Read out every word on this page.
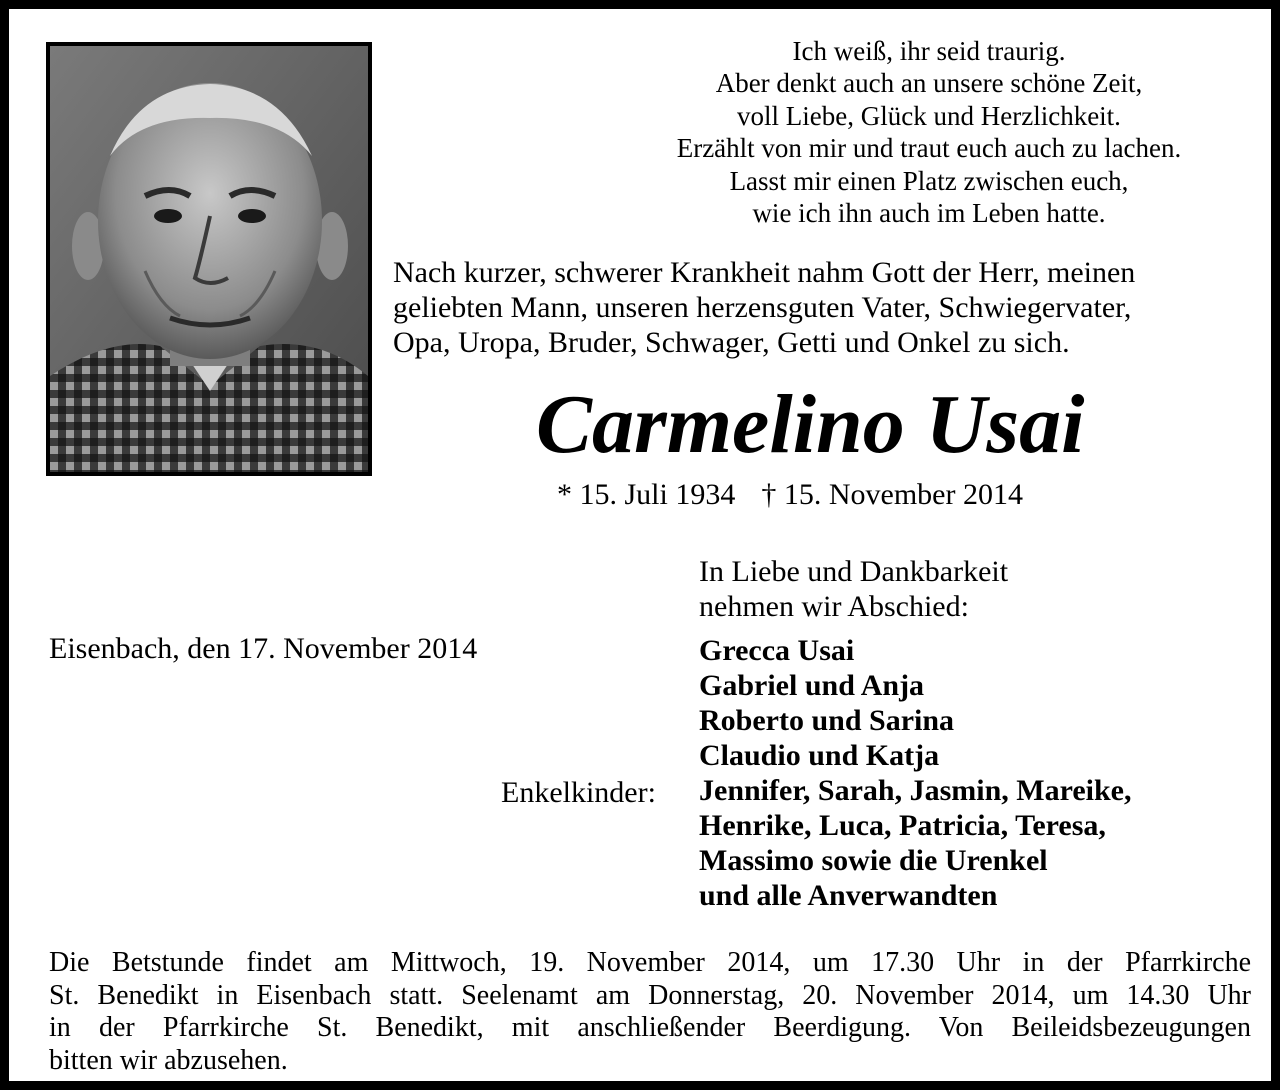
Ich weiß, ihr seid traurig.
Aber denkt auch an unsere schöne Zeit,
voll Liebe, Glück und Herzlichkeit.
Erzählt von mir und traut euch auch zu lachen.
Lasst mir einen Platz zwischen euch,
wie ich ihn auch im Leben hatte.
Nach kurzer, schwerer Krankheit nahm Gott der Herr, meinen
geliebten Mann, unseren herzensguten Vater, Schwiegervater,
Opa, Uropa, Bruder, Schwager, Getti und Onkel zu sich.
Carmelino Usai
* 15. Juli 1934 † 15. November 2014
In Liebe und Dankbarkeit
nehmen wir Abschied:
Eisenbach, den 17. November 2014	Grecca Usai
Gabriel und Anja
Roberto und Sarina
Claudio und Katja
Jennifer, Sarah, Jasmin, Mareike,
Henrike, Luca, Patricia, Teresa,
Massimo sowie die Urenkel
und alle Anverwandten
Enkelkinder:
Die Betstunde findet am Mittwoch, 19. November 2014, um 17.30 Uhr in der Pfarrkirche
St. Benedikt in Eisenbach statt. Seelenamt am Donnerstag, 20. November 2014, um 14.30 Uhr
in der Pfarrkirche St. Benedikt, mit anschließender Beerdigung. Von Beileidsbezeugungen
bitten wir abzusehen.
